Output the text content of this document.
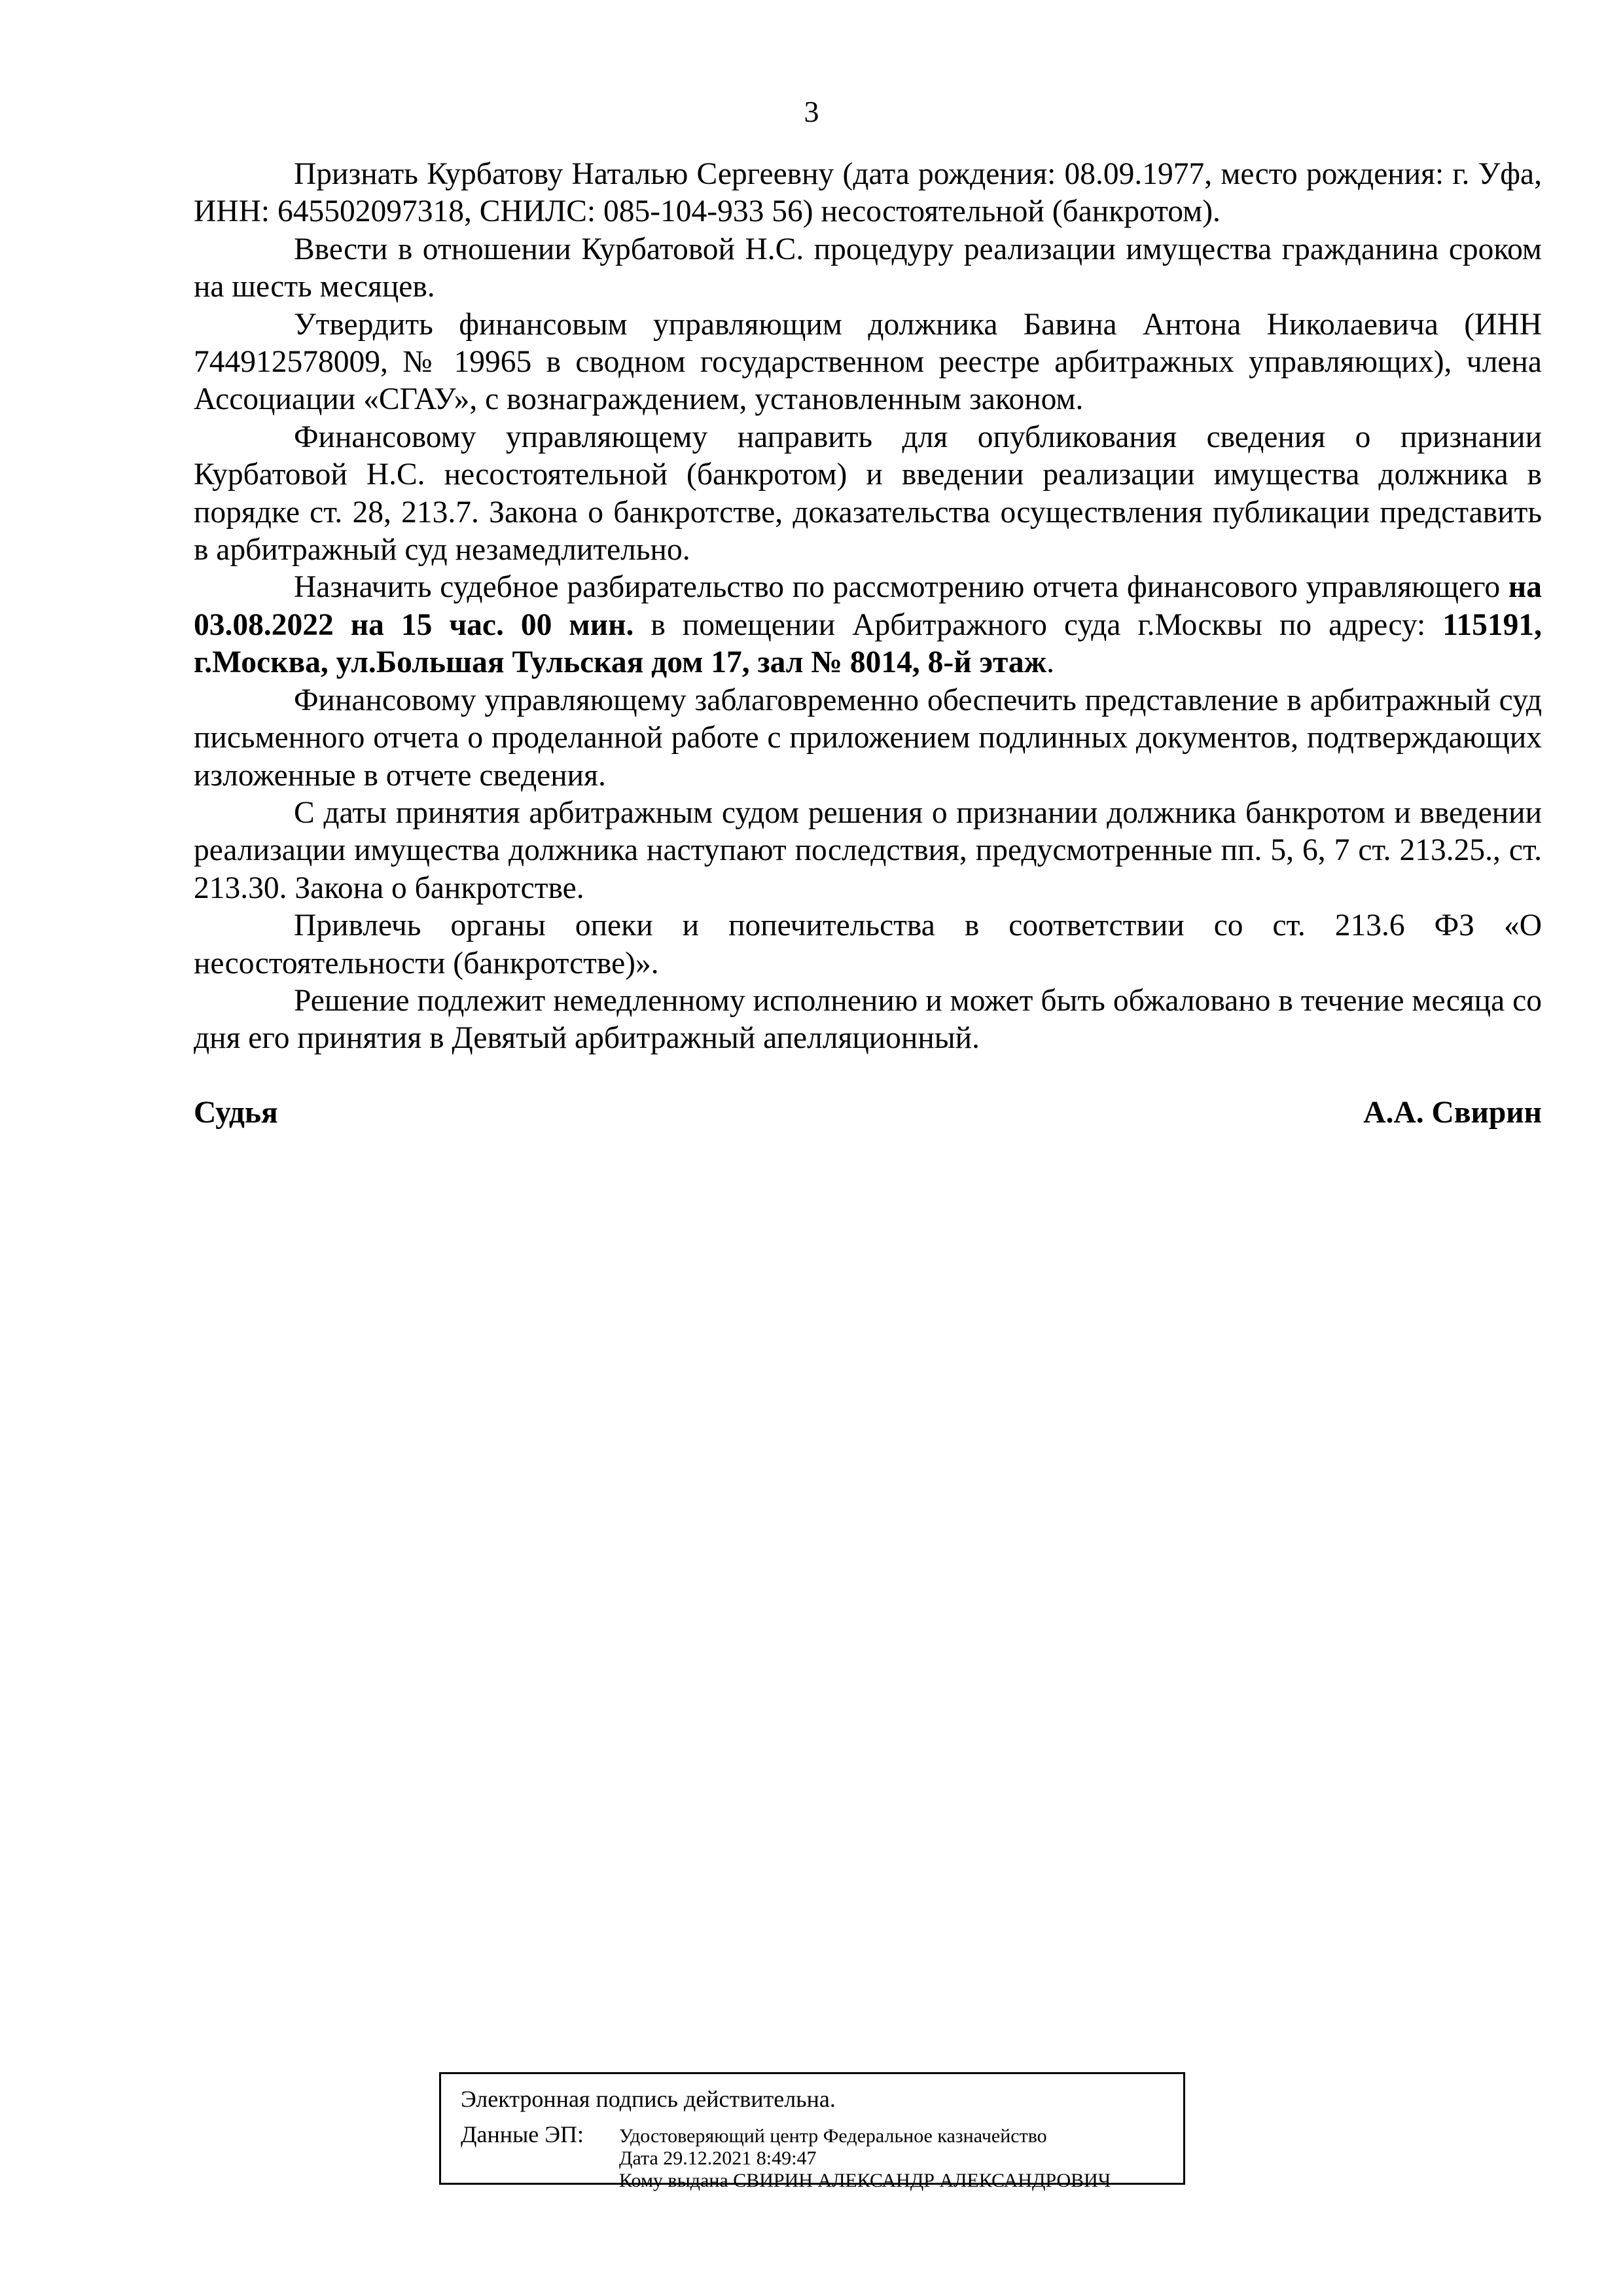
3

Признать Курбатову Наталью Сергеевну (дата рождения: 08.09.1977, место рождения: г. Уфа, ИНН: 645502097318, СНИЛС: 085-104-933 56) несостоятельной (банкротом).

Ввести в отношении Курбатовой Н.С. процедуру реализации имущества гражданина сроком на шесть месяцев.

Утвердить финансовым управляющим должника Бавина Антона Николаевича (ИНН 744912578009, № 19965 в сводном государственном реестре арбитражных управляющих), члена Ассоциации «СГАУ», с вознаграждением, установленным законом.

Финансовому управляющему направить для опубликования сведения о признании Курбатовой Н.С. несостоятельной (банкротом) и введении реализации имущества должника в порядке ст. 28, 213.7. Закона о банкротстве, доказательства осуществления публикации представить в арбитражный суд незамедлительно.

Назначить судебное разбирательство по рассмотрению отчета финансового управляющего на 03.08.2022 на 15 час. 00 мин. в помещении Арбитражного суда г.Москвы по адресу: 115191, г.Москва, ул.Большая Тульская дом 17, зал № 8014, 8-й этаж.

Финансовому управляющему заблаговременно обеспечить представление в арбитражный суд письменного отчета о проделанной работе с приложением подлинных документов, подтверждающих изложенные в отчете сведения.

С даты принятия арбитражным судом решения о признании должника банкротом и введении реализации имущества должника наступают последствия, предусмотренные пп. 5, 6, 7 ст. 213.25., ст. 213.30. Закона о банкротстве.

Привлечь органы опеки и попечительства в соответствии со ст. 213.6 ФЗ «О несостоятельности (банкротстве)».

Решение подлежит немедленному исполнению и может быть обжаловано в течение месяца со дня его принятия в Девятый арбитражный апелляционный.

Судья	А.А. Свирин
Электронная подпись действительна.
Данные ЭП: Удостоверяющий центр Федеральное казначейство
Дата 29.12.2021 8:49:47
Кому выдана СВИРИН АЛЕКСАНДР АЛЕКСАНДРОВИЧ
